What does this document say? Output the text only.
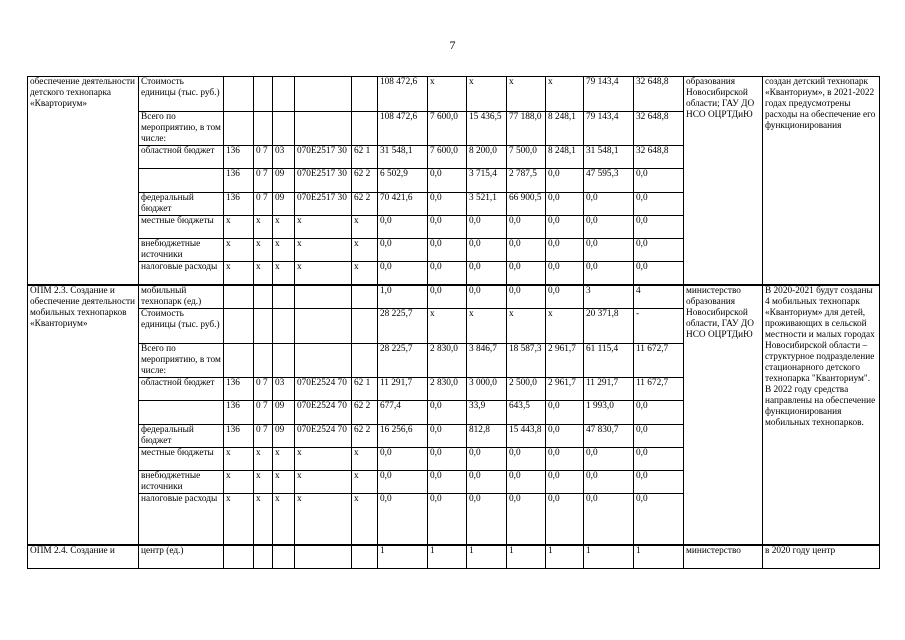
7
обеспечение деятельности детского технопарка «Кварториум»	Стоимость единицы (тыс. руб.)						108 472,6	х	х	х	х	79 143,4	32 648,8	образования Новосибирской области; ГАУ ДО НСО ОЦРТДиЮ	создан детский технопарк «Кванториум», в 2021-2022 годах предусмотрены расходы на обеспечение его функционирования
	Всего по мероприятию, в том числе:						108 472,6	7 600,0	15 436,5	77 188,0	8 248,1	79 143,4	32 648,8		
	областной бюджет	136	0 7	03	070E2517 30	62 1	31 548,1	7 600,0	8 200,0	7 500,0	8 248,1	31 548,1	32 648,8		
		136	0 7	09	070E2517 30	62 2	6 502,9	0,0	3 715,4	2 787,5	0,0	47 595,3	0,0		
	федеральный бюджет	136	0 7	09	070E2517 30	62 2	70 421,6	0,0	3 521,1	66 900,5	0,0	0,0	0,0		
	местные бюджеты	х	х	х	х	х	0,0	0,0	0,0	0,0	0,0	0,0	0,0		
	внебюджетные источники	х	х	х	х	х	0,0	0,0	0,0	0,0	0,0	0,0	0,0		
	налоговые расходы	х	х	х	х	х	0,0	0,0	0,0	0,0	0,0	0,0	0,0		
ОПМ 2.3. Создание и обеспечение деятельности мобильных технопарков «Кванториум»	мобильный технопарк (ед.)						1,0	0,0	0,0	0,0	0,0	3	4	министерство образования Новосибирской области, ГАУ ДО НСО ОЦРТДиЮ	В 2020-2021 будут созданы 4 мобильных технопарк «Кванториум» для детей, проживающих в сельской местности и малых городах Новосибирской области – структурное подразделение стационарного детского технопарка "Кванториум". В 2022 году средства направлены на обеспечение функционирования мобильных технопарков.
	Стоимость единицы (тыс. руб.)						28 225,7	х	х	х	х	20 371,8	-		
	Всего по мероприятию, в том числе:						28 225,7	2 830,0	3 846,7	18 587,3	2 961,7	61 115,4	11 672,7		
	областной бюджет	136	0 7	03	070E2524 70	62 1	11 291,7	2 830,0	3 000,0	2 500,0	2 961,7	11 291,7	11 672,7		
		136	0 7	09	070E2524 70	62 2	677,4	0,0	33,9	643,5	0,0	1 993,0	0,0		
	федеральный бюджет	136	0 7	09	070E2524 70	62 2	16 256,6	0,0	812,8	15 443,8	0,0	47 830,7	0,0		
	местные бюджеты	х	х	х	х	х	0,0	0,0	0,0	0,0	0,0	0,0	0,0		
	внебюджетные источники	х	х	х	х	х	0,0	0,0	0,0	0,0	0,0	0,0	0,0		
	налоговые расходы	х	х	х	х	х	0,0	0,0	0,0	0,0	0,0	0,0	0,0		
ОПМ 2.4. Создание и	центр (ед.)						1	1	1	1	1	1	1	министерство	в 2020 году центр
